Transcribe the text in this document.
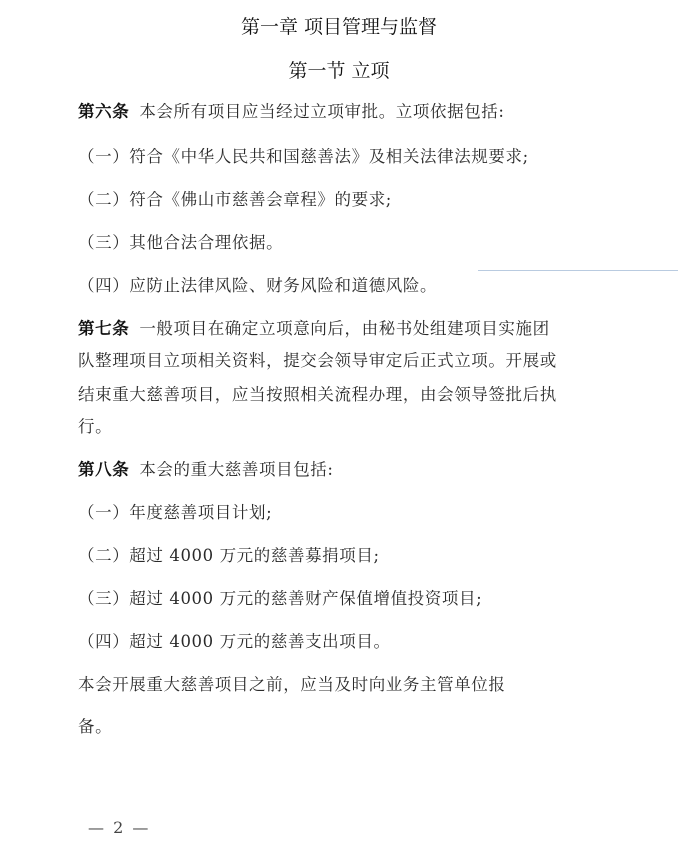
第一章 项目管理与监督
第一节 立项
第六条 本会所有项目应当经过立项审批。立项依据包括:
（一）符合《中华人民共和国慈善法》及相关法律法规要求;
（二）符合《佛山市慈善会章程》的要求;
（三）其他合法合理依据。
（四）应防止法律风险、财务风险和道德风险。
第七条 一般项目在确定立项意向后，由秘书处组建项目实施团
队整理项目立项相关资料，提交会领导审定后正式立项。开展或
结束重大慈善项目，应当按照相关流程办理，由会领导签批后执
行。
第八条 本会的重大慈善项目包括:
（一）年度慈善项目计划;
（二）超过 4000 万元的慈善募捐项目;
（三）超过 4000 万元的慈善财产保值增值投资项目;
（四）超过 4000 万元的慈善支出项目。
本会开展重大慈善项目之前，应当及时向业务主管单位报
备。
— 2 —
